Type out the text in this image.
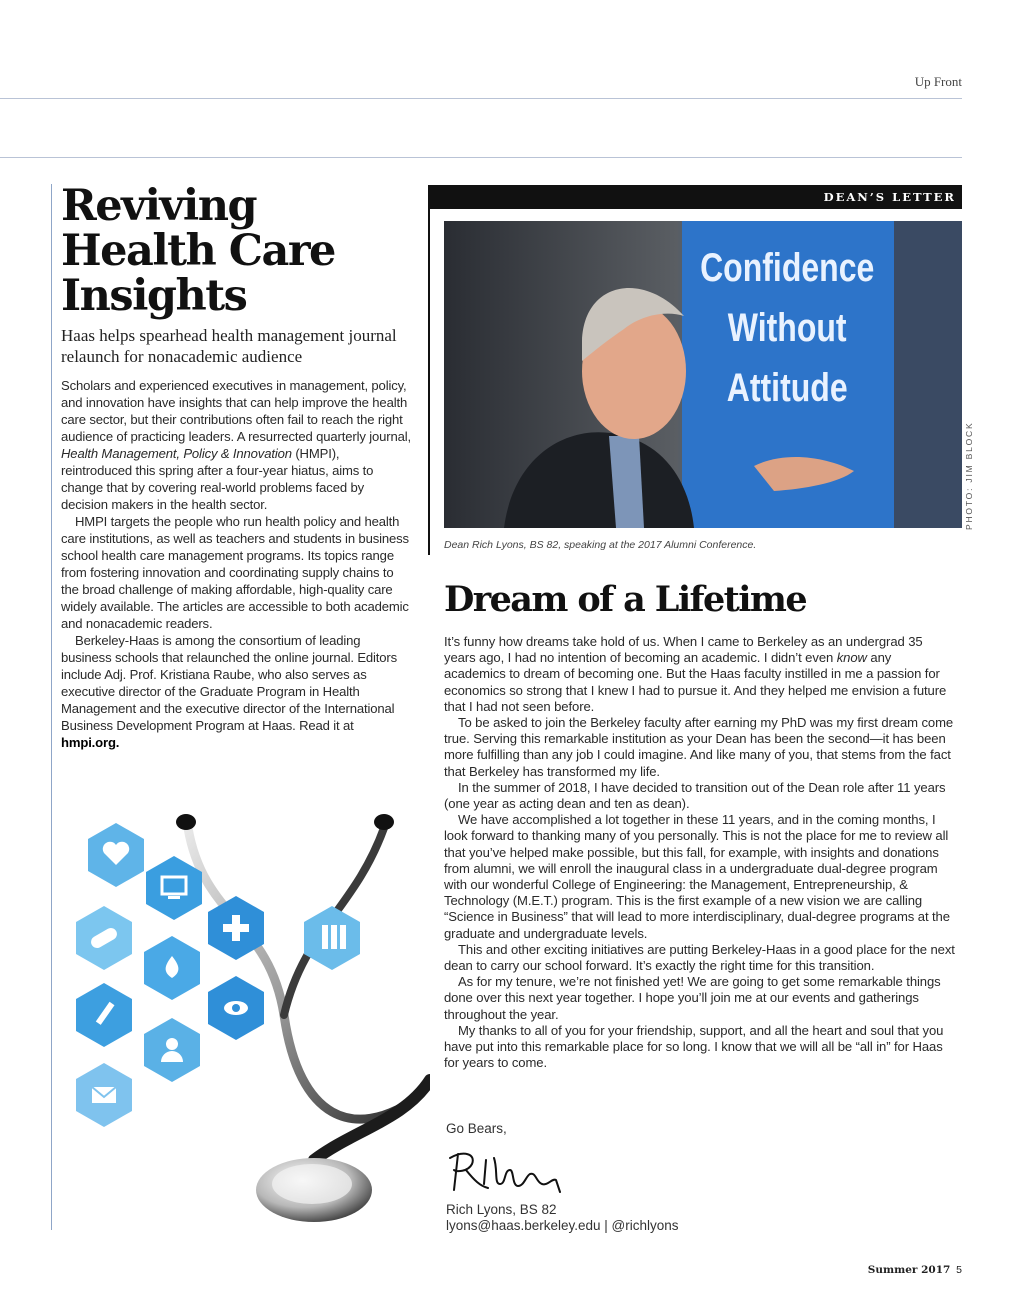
Up Front
Reviving
Health Care
Insights
Haas helps spearhead health management journal relaunch for nonacademic audience

Scholars and experienced executives in management, policy, and innovation have insights that can help improve the health care sector, but their contributions often fail to reach the right audience of practicing leaders. A resurrected quarterly journal, Health Management, Policy & Innovation (HMPI), reintroduced this spring after a four-year hiatus, aims to change that by covering real-world problems faced by decision makers in the health sector.

HMPI targets the people who run health policy and health care institutions, as well as teachers and students in business school health care management programs. Its topics range from fostering innovation and coordinating supply chains to the broad challenge of making affordable, high-quality care widely available. The articles are accessible to both academic and nonacademic readers.

Berkeley-Haas is among the consortium of leading business schools that relaunched the online journal. Editors include Adj. Prof. Kristiana Raube, who also serves as executive director of the Graduate Program in Health Management and the executive director of the International Business Development Program at Haas. Read it at hmpi.org.

DEAN’S LETTER
Confidence
Without
Attitude
PHOTO: JIM BLOCK
Dean Rich Lyons, BS 82, speaking at the 2017 Alumni Conference.
Dream of a Lifetime

It’s funny how dreams take hold of us. When I came to Berkeley as an undergrad 35 years ago, I had no intention of becoming an academic. I didn’t even know any academics to dream of becoming one. But the Haas faculty instilled in me a passion for economics so strong that I knew I had to pursue it. And they helped me envision a future that I had not seen before.

To be asked to join the Berkeley faculty after earning my PhD was my first dream come true. Serving this remarkable institution as your Dean has been the second—it has been more fulfilling than any job I could imagine. And like many of you, that stems from the fact that Berkeley has transformed my life.

In the summer of 2018, I have decided to transition out of the Dean role after 11 years (one year as acting dean and ten as dean).

We have accomplished a lot together in these 11 years, and in the coming months, I look forward to thanking many of you personally. This is not the place for me to review all that you’ve helped make possible, but this fall, for example, with insights and donations from alumni, we will enroll the inaugural class in a undergraduate dual-degree program with our wonderful College of Engineering: the Management, Entrepreneurship, & Technology (M.E.T.) program. This is the first example of a new vision we are calling “Science in Business” that will lead to more interdisciplinary, dual-degree programs at the graduate and undergraduate levels.

This and other exciting initiatives are putting Berkeley-Haas in a good place for the next dean to carry our school forward. It’s exactly the right time for this transition.

As for my tenure, we’re not finished yet! We are going to get some remarkable things done over this next year together. I hope you’ll join me at our events and gatherings throughout the year.

My thanks to all of you for your friendship, support, and all the heart and soul that you have put into this remarkable place for so long. I know that we will all be “all in” for Haas for years to come.

Go Bears,
Rich Lyons, BS 82
lyons@haas.berkeley.edu | @richlyons
Summer 2017 5
